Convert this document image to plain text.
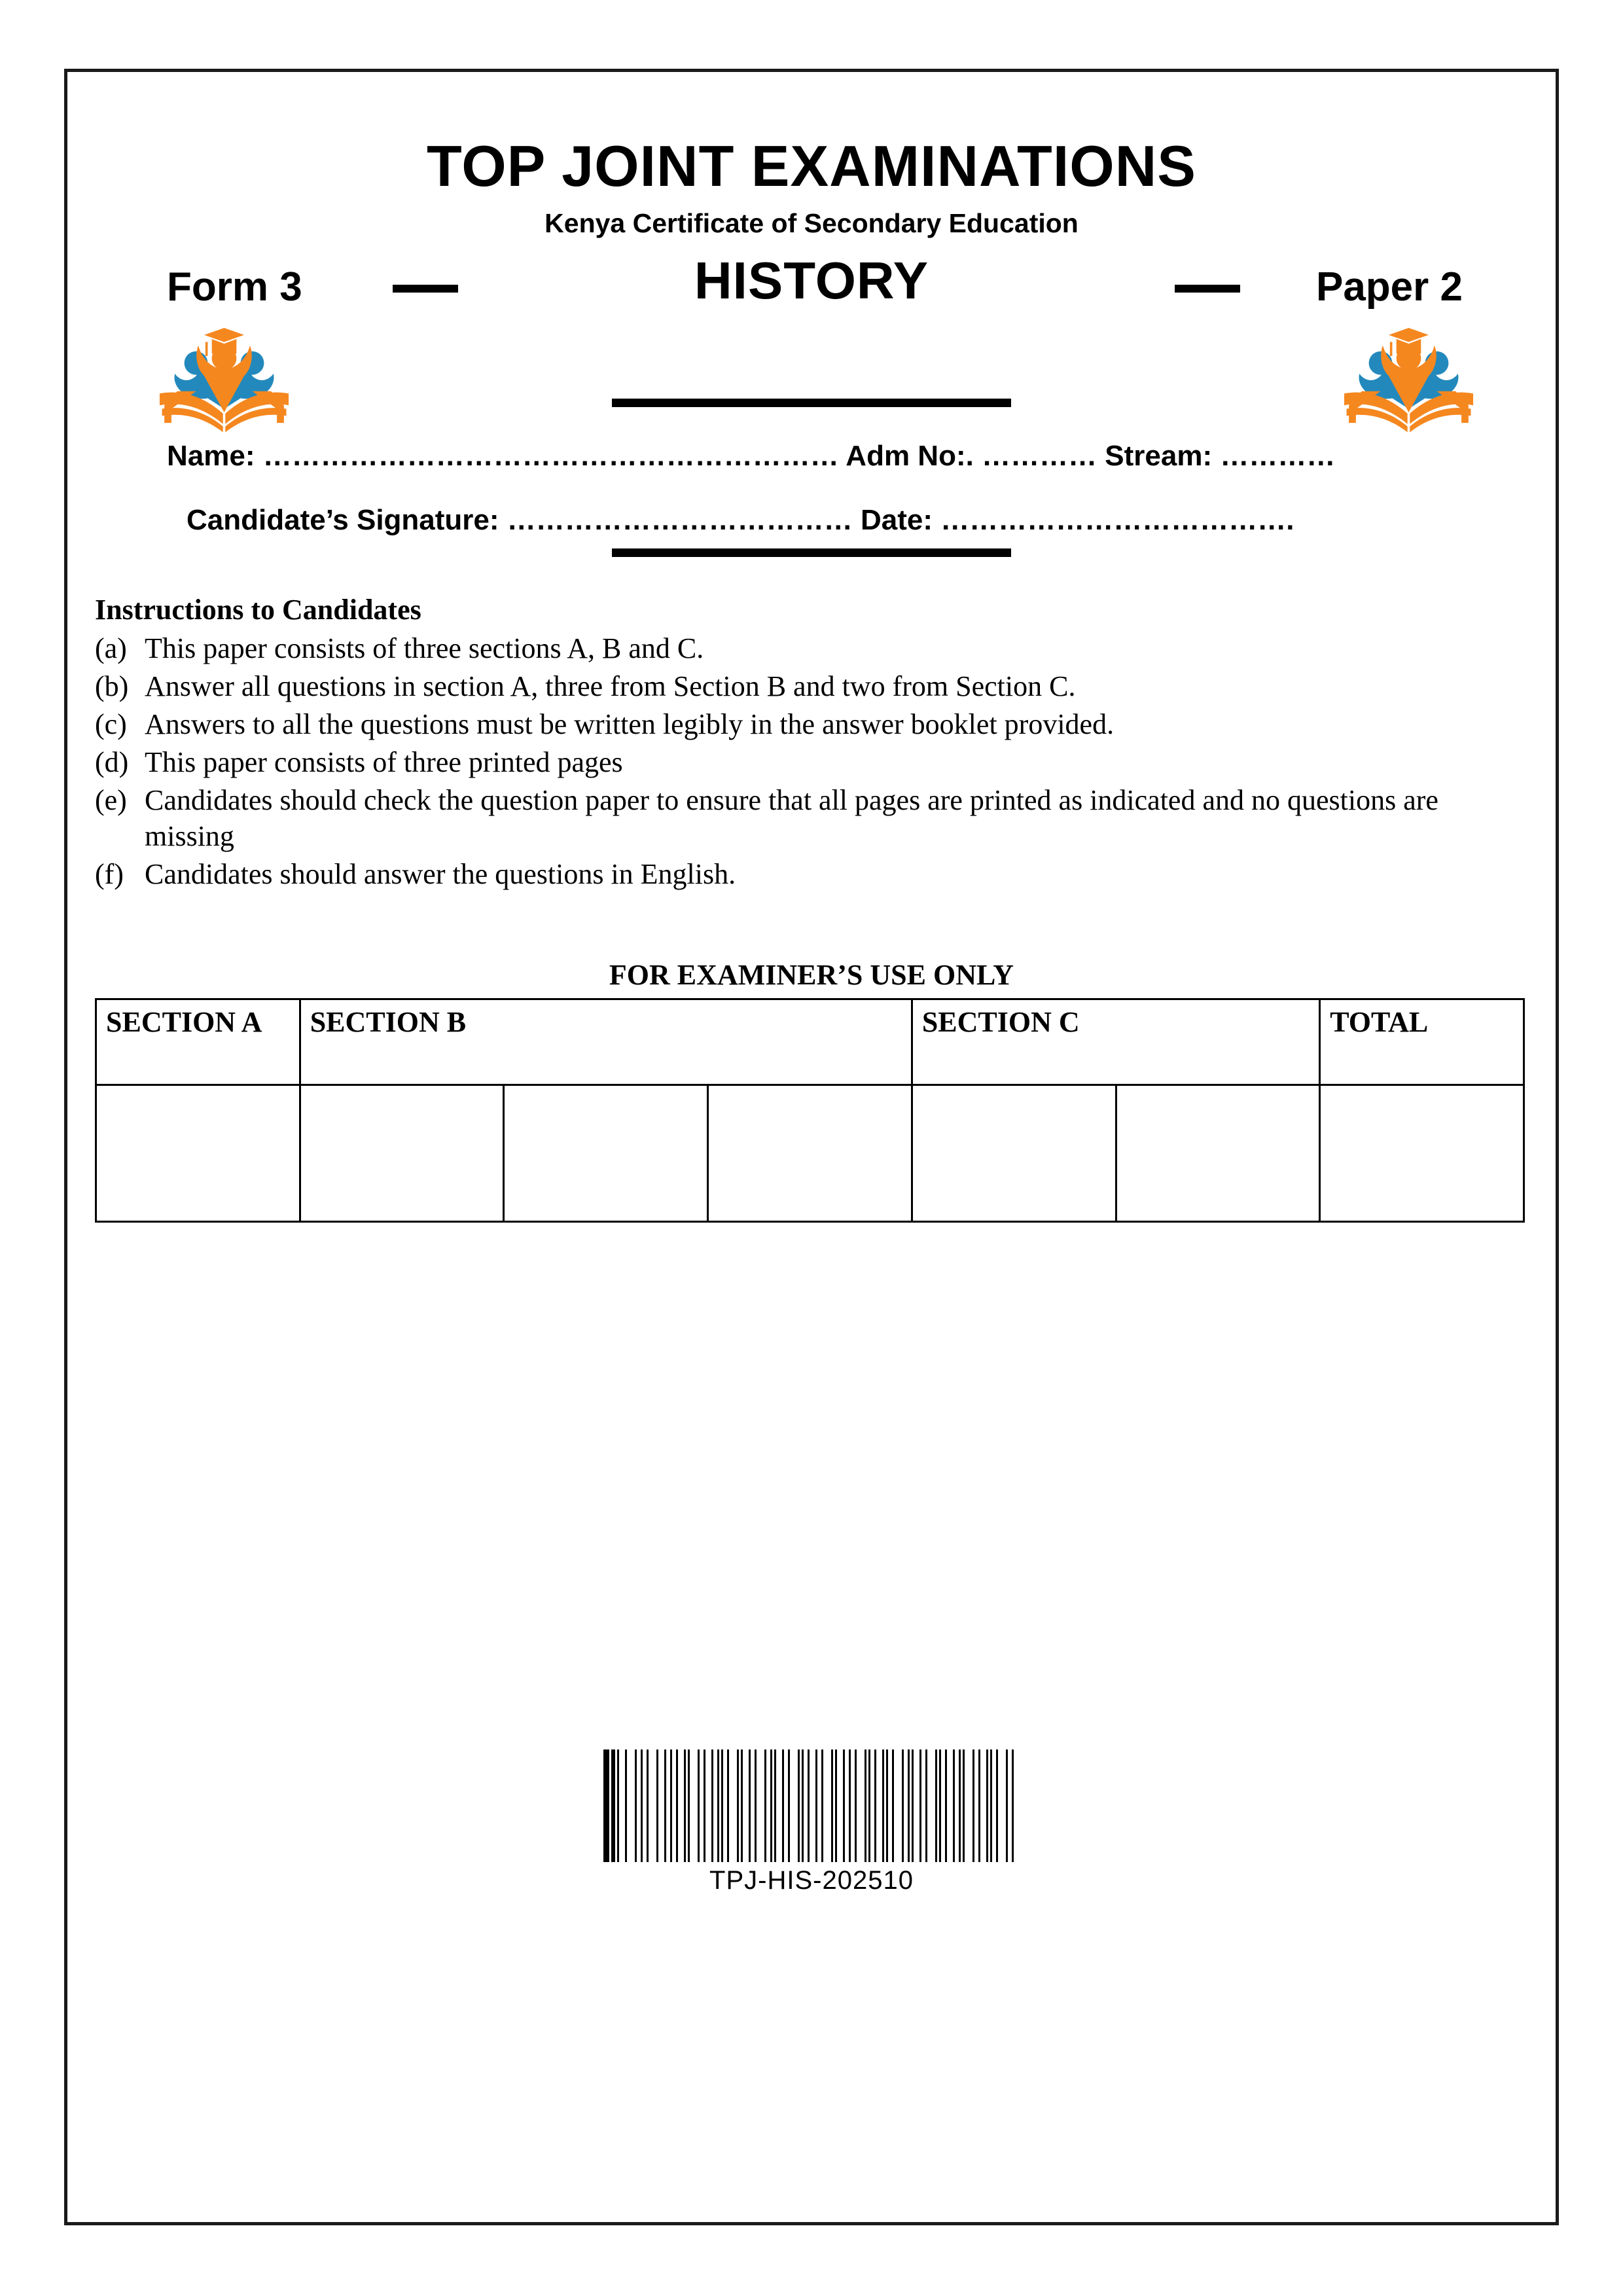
TOP JOINT EXAMINATIONS
Kenya Certificate of Secondary Education
Form 3	HISTORY	Paper 2
Name: …………………………………………………… Adm No:. ………… Stream: …………
Candidate’s Signature: ……………………………… Date: ……………………………….
Instructions to Candidates
(a) This paper consists of three sections A, B and C.
(b) Answer all questions in section A, three from Section B and two from Section C.
(c) Answers to all the questions must be written legibly in the answer booklet provided.
(d) This paper consists of three printed pages
(e) Candidates should check the question paper to ensure that all pages are printed as indicated and no questions are missing
(f) Candidates should answer the questions in English.
FOR EXAMINER’S USE ONLY
SECTION A	SECTION B			SECTION C		TOTAL

TPJ-HIS-202510
